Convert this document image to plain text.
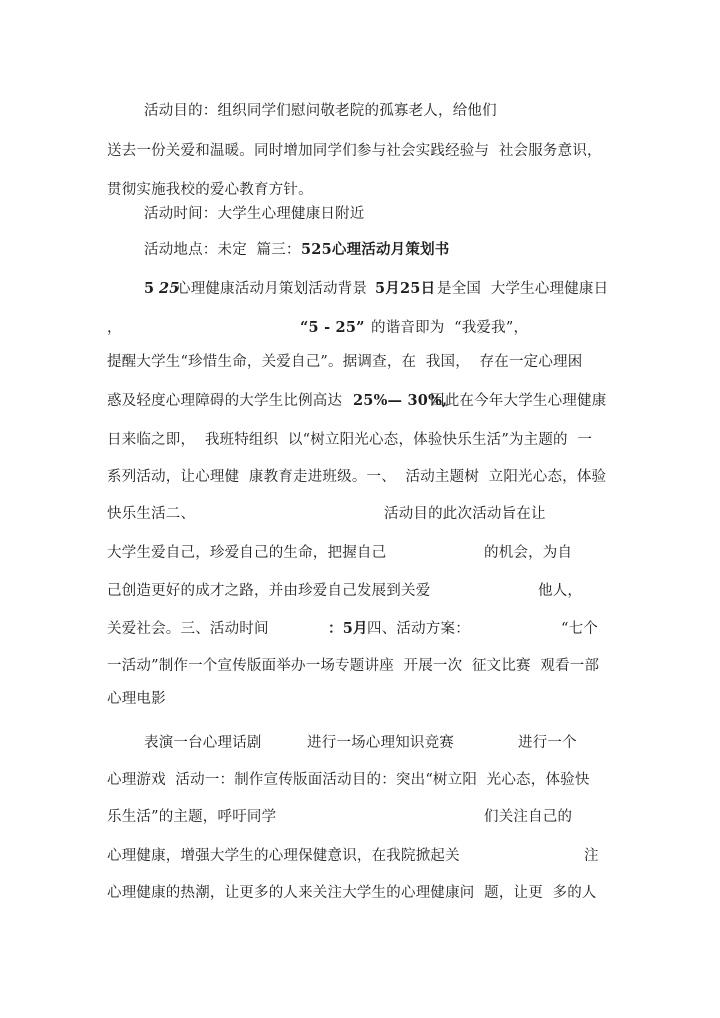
活动目的：组织同学们慰问敬老院的孤寡老人，给他们
送去一份关爱和温暖。同时增加同学们参与社会实践经验与  社会服务意识，
贯彻实施我校的爱心教育方针。
活动时间：大学生心理健康日附近
活动地点：未定  篇三： 525心理活动月策划书
5 25
心理健康活动月策划活动背景 5月25日 是全国  大学生心理健康日
，	“5 - 25” 的谐音即为  “我爱我”，
提醒大学生“珍惜生命，关爱自己”。据调查，在  我国，  存在一定心理困
惑及轻度心理障碍的大学生比例高达 25%— 30%,
因此在今年大学生心理健康
日来临之即，  我班特组织  以“树立阳光心态，体验快乐生活”为主题的  一
系列活动，让心理健  康教育走进班级。一、  活动主题树  立阳光心态，体验
快乐生活二、	活动目的此次活动旨在让
大学生爱自己，珍爱自己的生命，把握自己	的机会，为自
己创造更好的成才之路，并由珍爱自己发展到关爱	他人，
关爱社会。三、活动时间	：5月 四、活动方案：	“七个
一活动”制作一个宣传版面举办一场专题讲座  开展一次  征文比赛  观看一部
心理电影
表演一台心理话剧	进行一场心理知识竞赛	进行一个
心理游戏  活动一：制作宣传版面活动目的：突出“树立阳  光心态，体验快
乐生活”的主题，呼吁同学	们关注自己的
心理健康，增强大学生的心理保健意识，在我院掀起关	注
心理健康的热潮，让更多的人来关注大学生的心理健康问  题，让更  多的人
